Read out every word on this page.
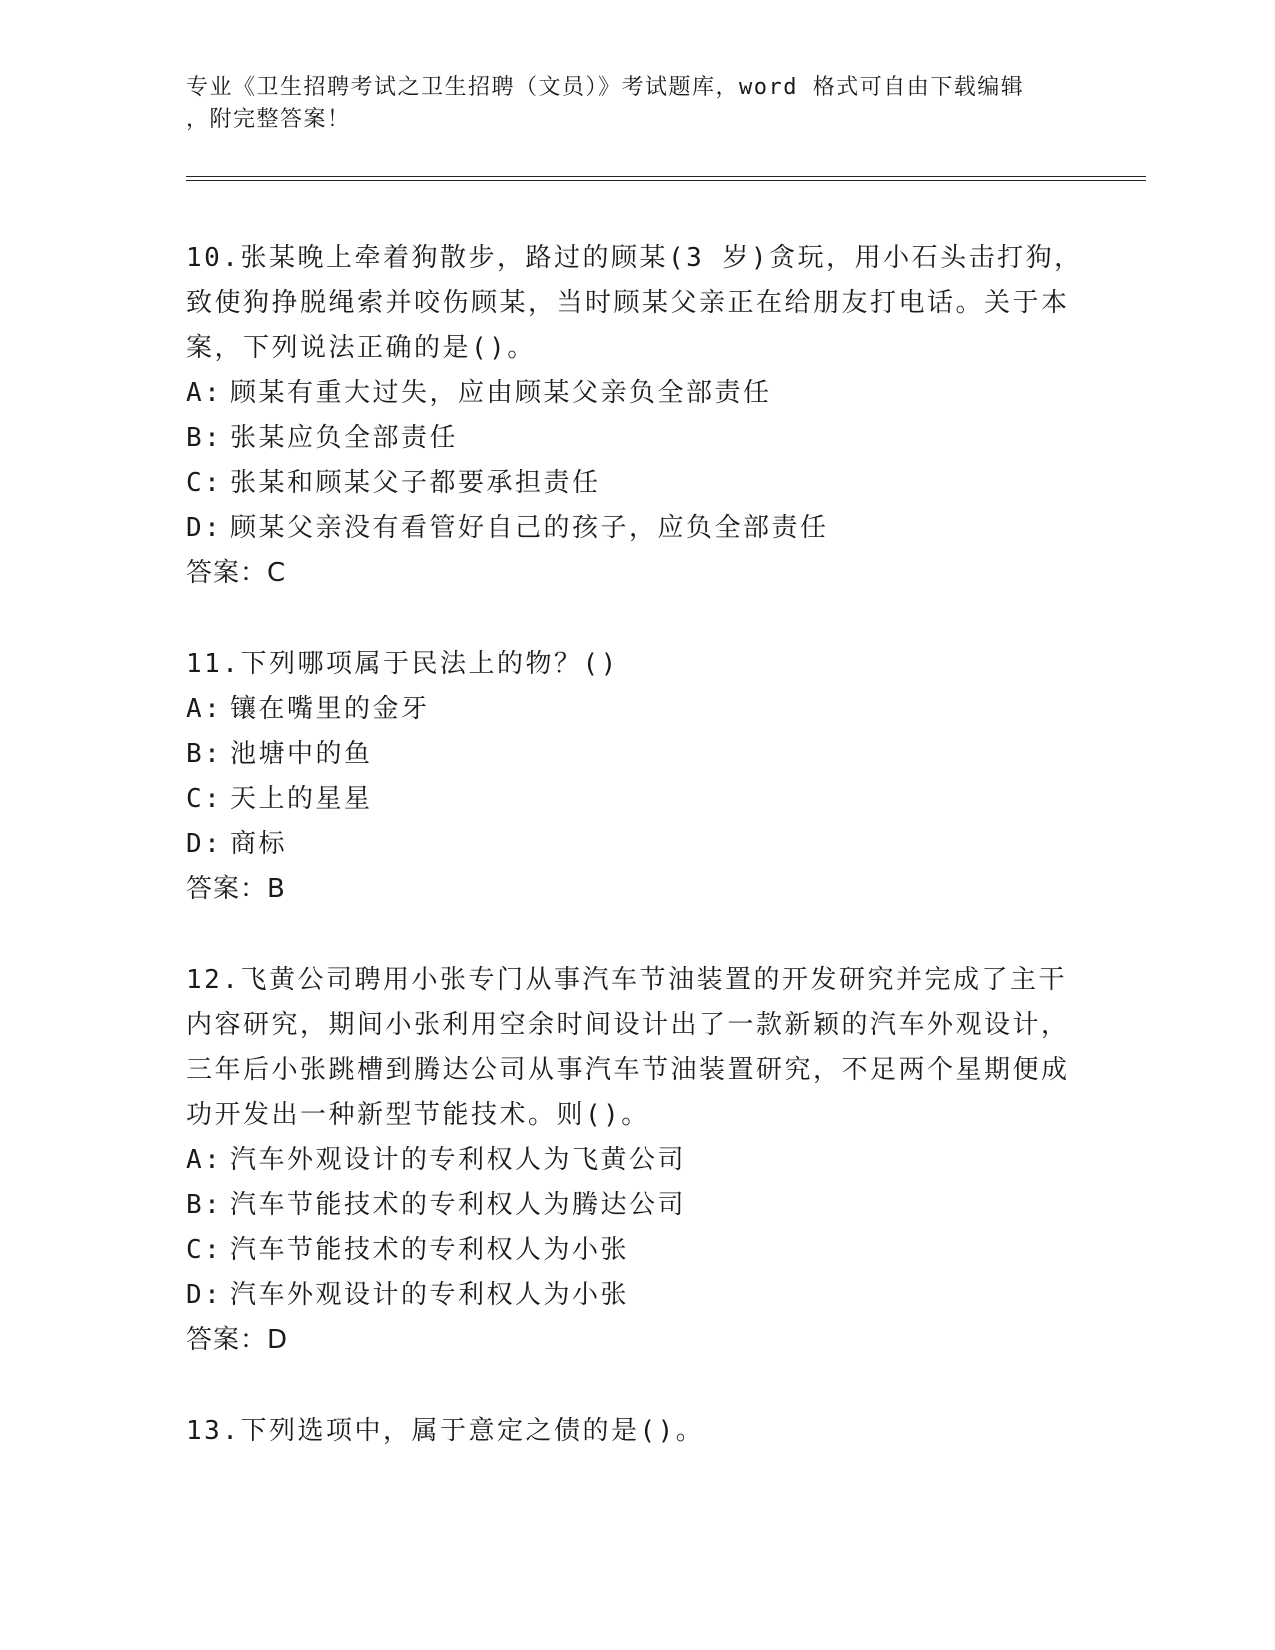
专业《卫生招聘考试之卫生招聘（文员）》考试题库，word 格式可自由下载编辑
，附完整答案！
10.张某晚上牵着狗散步，路过的顾某(3 岁)贪玩，用小石头击打狗，致使狗挣脱绳索并咬伤顾某，当时顾某父亲正在给朋友打电话。关于本案，下列说法正确的是()。
A: 顾某有重大过失，应由顾某父亲负全部责任
B: 张某应负全部责任
C: 张某和顾某父子都要承担责任
D: 顾某父亲没有看管好自己的孩子，应负全部责任
答案：C
11.下列哪项属于民法上的物？()
A: 镶在嘴里的金牙
B: 池塘中的鱼
C: 天上的星星
D: 商标
答案：B
12.飞黄公司聘用小张专门从事汽车节油装置的开发研究并完成了主干内容研究，期间小张利用空余时间设计出了一款新颖的汽车外观设计，三年后小张跳槽到腾达公司从事汽车节油装置研究，不足两个星期便成功开发出一种新型节能技术。则()。
A: 汽车外观设计的专利权人为飞黄公司
B: 汽车节能技术的专利权人为腾达公司
C: 汽车节能技术的专利权人为小张
D: 汽车外观设计的专利权人为小张
答案：D
13.下列选项中，属于意定之债的是()。
